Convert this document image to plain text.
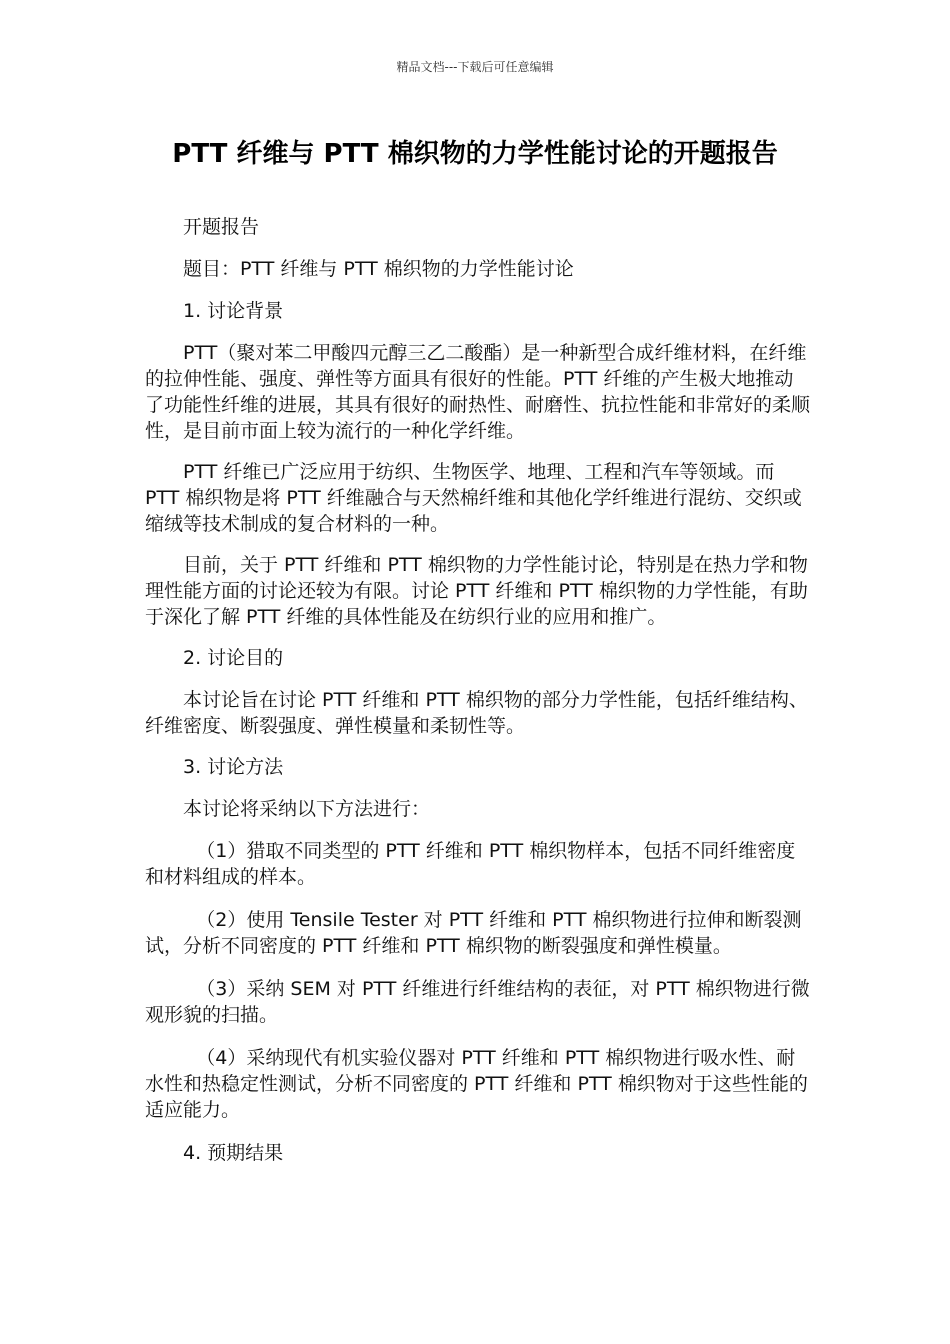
精品文档---下载后可任意编辑
PTT 纤维与 PTT 棉织物的力学性能讨论的开题报告

开题报告

题目：PTT 纤维与 PTT 棉织物的力学性能讨论

1. 讨论背景

PTT（聚对苯二甲酸四元醇三乙二酸酯）是一种新型合成纤维材料，在纤维的拉伸性能、强度、弹性等方面具有很好的性能。PTT 纤维的产生极大地推动了功能性纤维的进展，其具有很好的耐热性、耐磨性、抗拉性能和非常好的柔顺性，是目前市面上较为流行的一种化学纤维。

PTT 纤维已广泛应用于纺织、生物医学、地理、工程和汽车等领域。而 PTT 棉织物是将 PTT 纤维融合与天然棉纤维和其他化学纤维进行混纺、交织或缩绒等技术制成的复合材料的一种。

目前，关于 PTT 纤维和 PTT 棉织物的力学性能讨论，特别是在热力学和物理性能方面的讨论还较为有限。讨论 PTT 纤维和 PTT 棉织物的力学性能，有助于深化了解 PTT 纤维的具体性能及在纺织行业的应用和推广。

2. 讨论目的

本讨论旨在讨论 PTT 纤维和 PTT 棉织物的部分力学性能，包括纤维结构、纤维密度、断裂强度、弹性模量和柔韧性等。

3. 讨论方法

本讨论将采纳以下方法进行：

（1）猎取不同类型的 PTT 纤维和 PTT 棉织物样本，包括不同纤维密度和材料组成的样本。

（2）使用 Tensile Tester 对 PTT 纤维和 PTT 棉织物进行拉伸和断裂测试，分析不同密度的 PTT 纤维和 PTT 棉织物的断裂强度和弹性模量。

（3）采纳 SEM 对 PTT 纤维进行纤维结构的表征，对 PTT 棉织物进行微观形貌的扫描。

（4）采纳现代有机实验仪器对 PTT 纤维和 PTT 棉织物进行吸水性、耐水性和热稳定性测试，分析不同密度的 PTT 纤维和 PTT 棉织物对于这些性能的适应能力。

4. 预期结果
